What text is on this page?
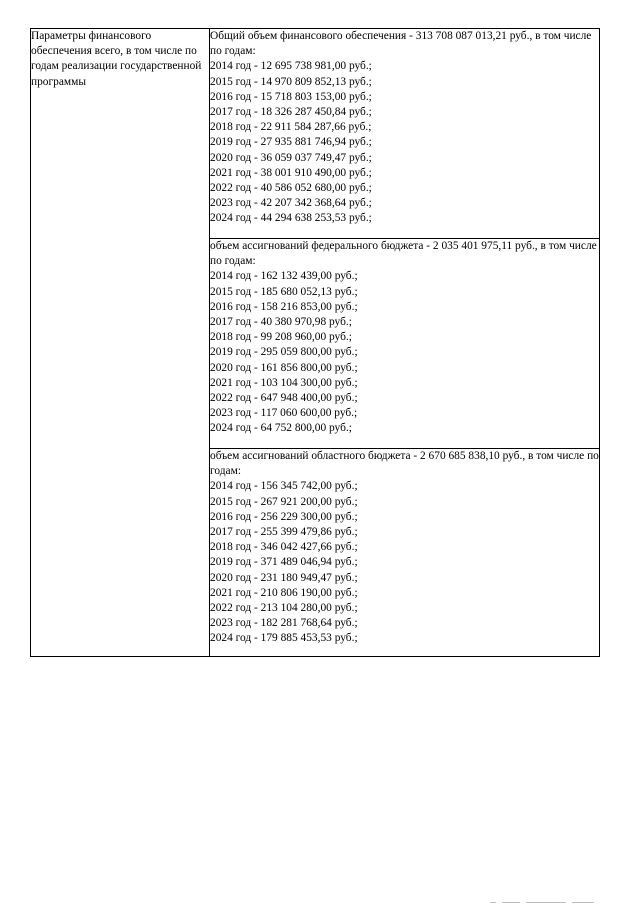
Параметры финансового обеспечения всего, в том числе по годам реализации государственной программы	
Общий объем финансового обеспечения - 313 708 087 013,21 руб., в том числе по годам:
2014 год - 12 695 738 981,00 руб.;
2015 год - 14 970 809 852,13 руб.;
2016 год - 15 718 803 153,00 руб.;
2017 год - 18 326 287 450,84 руб.;
2018 год - 22 911 584 287,66 руб.;
2019 год - 27 935 881 746,94 руб.;
2020 год - 36 059 037 749,47 руб.;
2021 год - 38 001 910 490,00 руб.;
2022 год - 40 586 052 680,00 руб.;
2023 год - 42 207 342 368,64 руб.;
2024 год - 44 294 638 253,53 руб.;

объем ассигнований федерального бюджета - 2 035 401 975,11 руб., в том числе по годам:
2014 год - 162 132 439,00 руб.;
2015 год - 185 680 052,13 руб.;
2016 год - 158 216 853,00 руб.;
2017 год - 40 380 970,98 руб.;
2018 год - 99 208 960,00 руб.;
2019 год - 295 059 800,00 руб.;
2020 год - 161 856 800,00 руб.;
2021 год - 103 104 300,00 руб.;
2022 год - 647 948 400,00 руб.;
2023 год - 117 060 600,00 руб.;
2024 год - 64 752 800,00 руб.;

объем ассигнований областного бюджета - 2 670 685 838,10 руб., в том числе по годам:
2014 год - 156 345 742,00 руб.;
2015 год - 267 921 200,00 руб.;
2016 год - 256 229 300,00 руб.;
2017 год - 255 399 479,86 руб.;
2018 год - 346 042 427,66 руб.;
2019 год - 371 489 046,94 руб.;
2020 год - 231 180 949,47 руб.;
2021 год - 210 806 190,00 руб.;
2022 год - 213 104 280,00 руб.;
2023 год - 182 281 768,64 руб.;
2024 год - 179 885 453,53 руб.;
